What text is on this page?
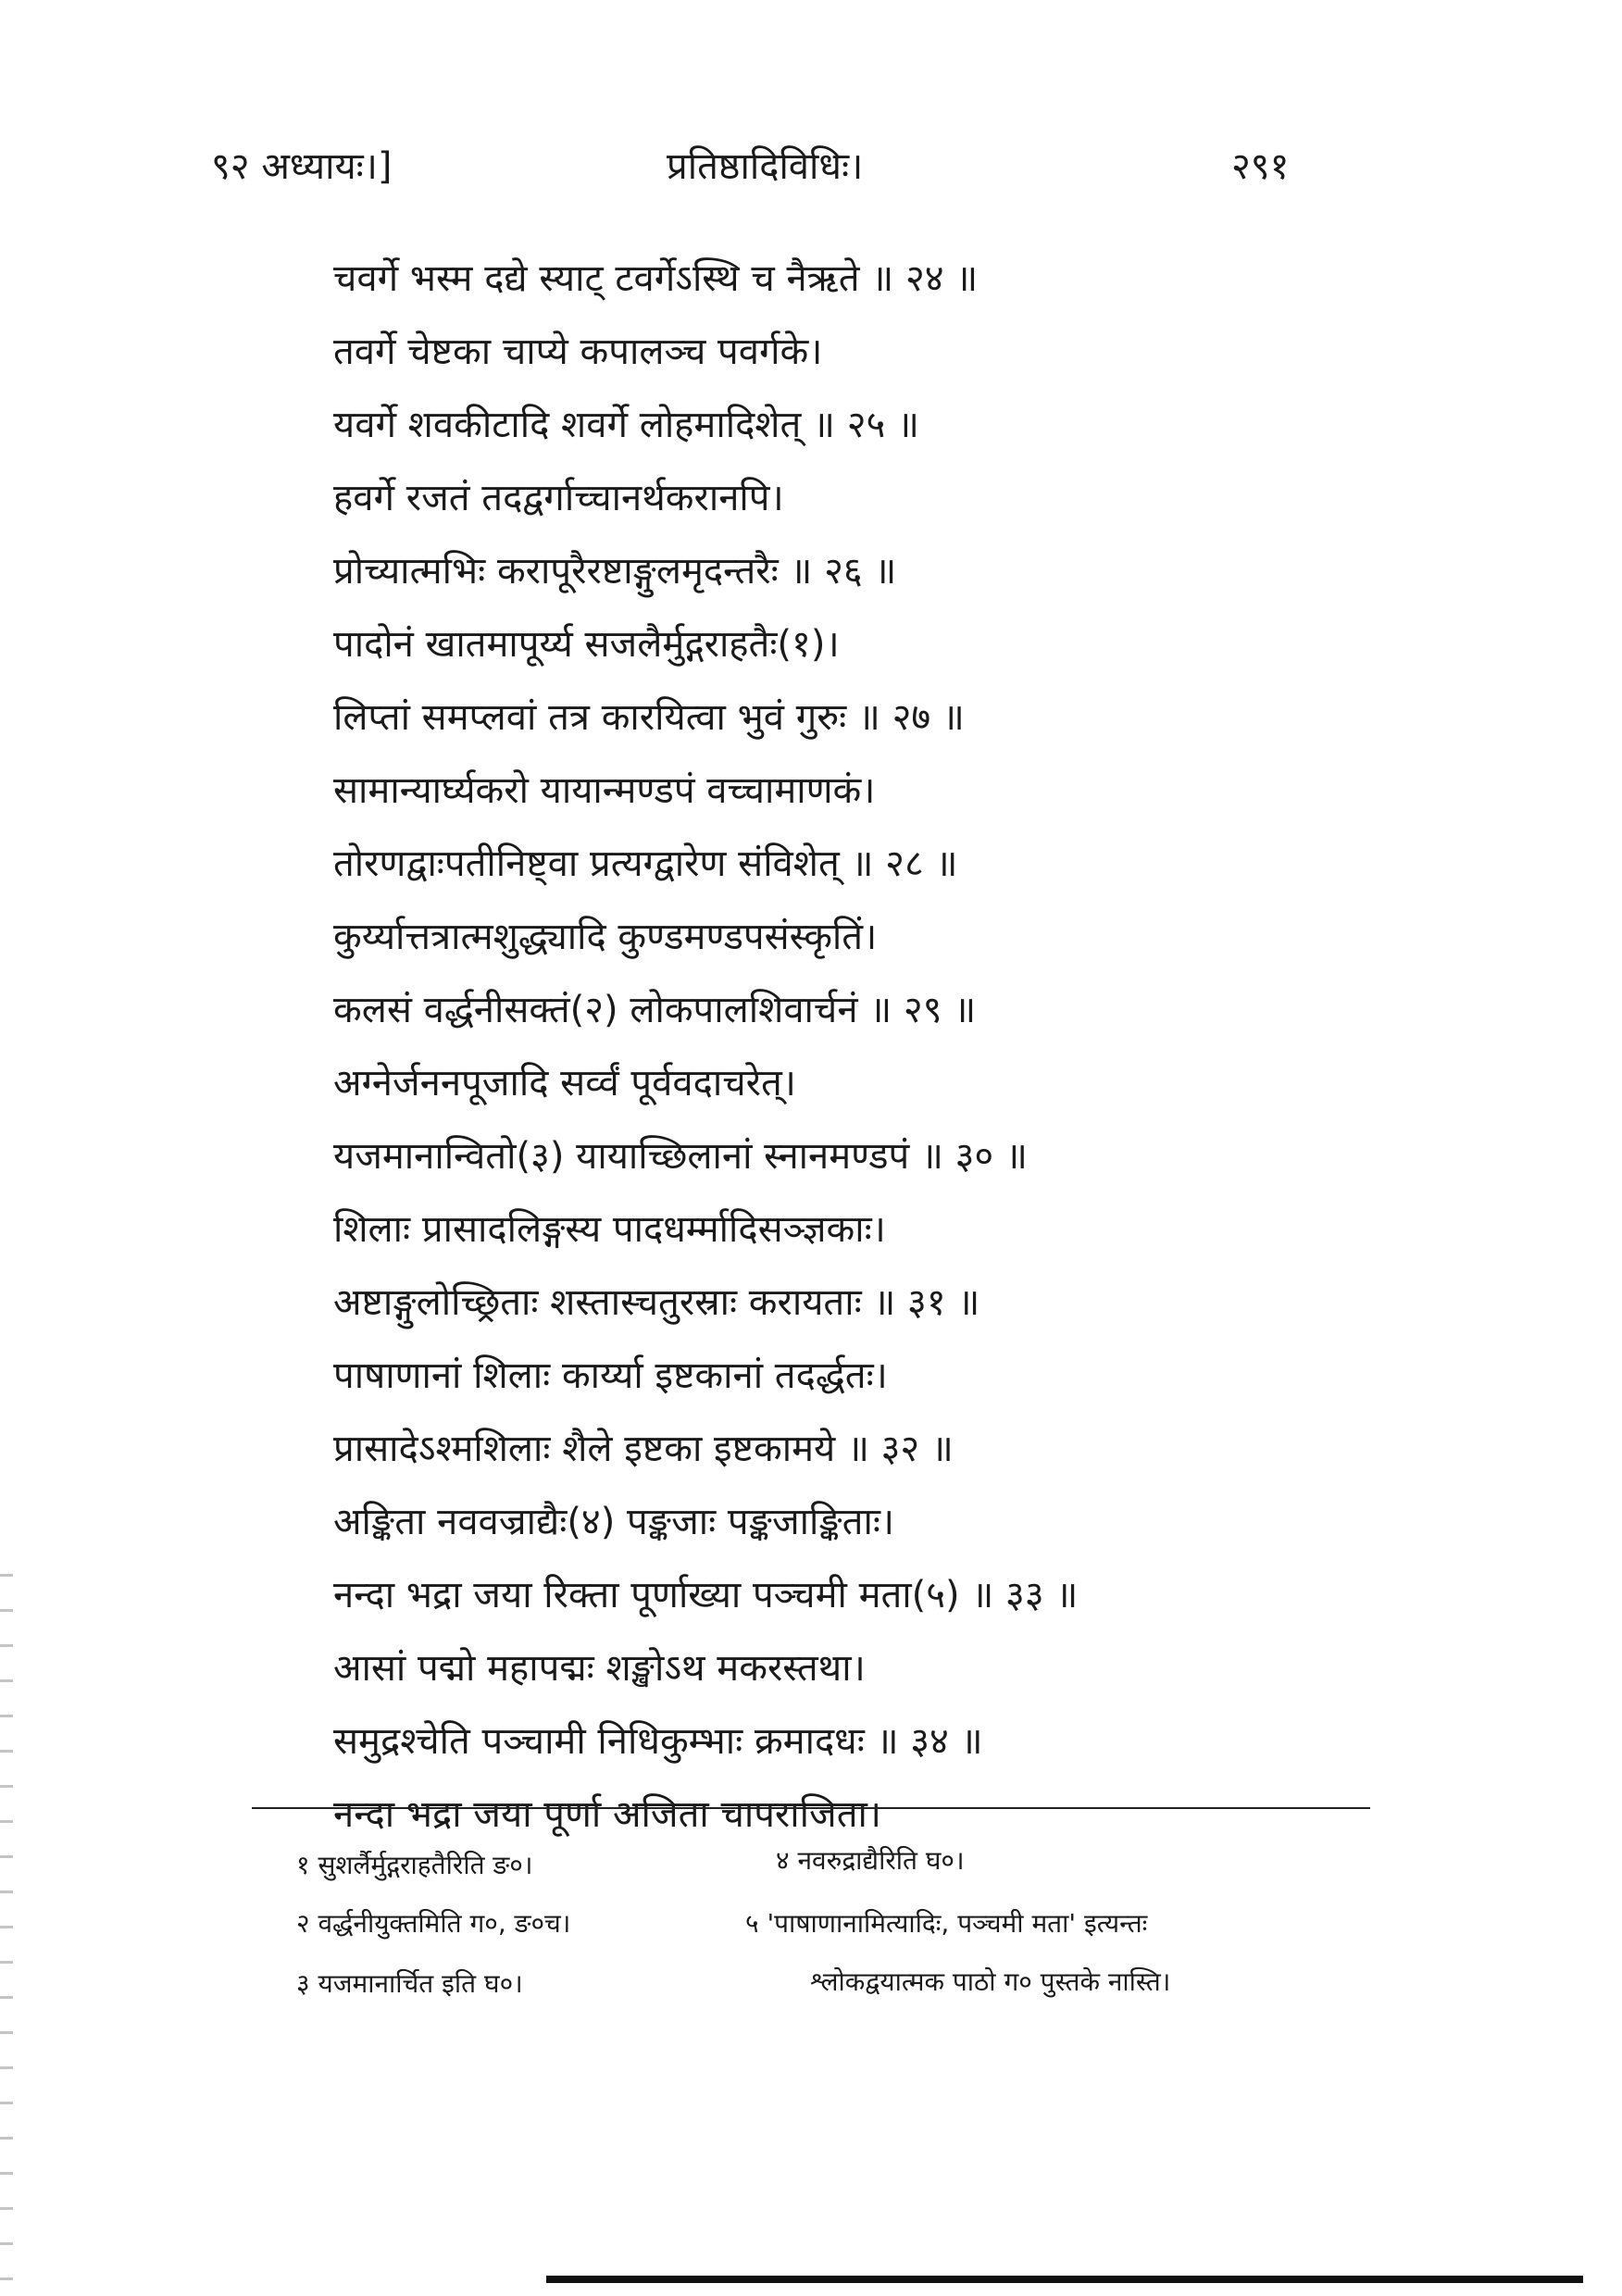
९२ अध्यायः।]	प्रतिष्ठादिविधिः।	२९१
चवर्गे भस्म दद्ये स्याट् टवर्गेऽस्थि च नैऋते ॥ २४ ॥
तवर्गे चेष्टका चाप्ये कपालञ्च पवर्गके।
यवर्गे शवकीटादि शवर्गे लोहमादिशेत् ॥ २५ ॥
हवर्गे रजतं तदद्वर्गाच्चानर्थकरानपि।
प्रोच्यात्मभिः करापूरैरष्टाङ्गुलमृदन्तरैः ॥ २६ ॥
पादोनं खातमापूर्य्य सजलैर्मुद्गराहतैः(१)।
लिप्तां समप्लवां तत्र कारयित्वा भुवं गुरुः ॥ २७ ॥
सामान्यार्घ्यकरो यायान्मण्डपं वच्चामाणकं।
तोरणद्वाःपतीनिष्ट्वा प्रत्यग्द्वारेण संविशेत् ॥ २८ ॥
कुर्य्यात्तत्रात्मशुद्ध्यादि कुण्डमण्डपसंस्कृतिं।
कलसं वर्द्धनीसक्तं(२) लोकपालशिवार्चनं ॥ २९ ॥
अग्नेर्जननपूजादि सर्व्वं पूर्ववदाचरेत्।
यजमानान्वितो(३) यायाच्छिलानां स्नानमण्डपं ॥ ३० ॥
शिलाः प्रासादलिङ्गस्य पादधर्म्मादिसञ्ज्ञकाः।
अष्टाङ्गुलोच्छ्रिताः शस्तास्चतुरस्राः करायताः ॥ ३१ ॥
पाषाणानां शिलाः कार्य्या इष्टकानां तदर्द्धतः।
प्रासादेऽश्मशिलाः शैले इष्टका इष्टकामये ॥ ३२ ॥
अङ्किता नववज्राद्यैः(४) पङ्कजाः पङ्कजाङ्किताः।
नन्दा भद्रा जया रिक्ता पूर्णाख्या पञ्चमी मता(५) ॥ ३३ ॥
आसां पद्मो महापद्मः शङ्खोऽथ मकरस्तथा।
समुद्रश्चेति पञ्चामी निधिकुम्भाः क्रमादधः ॥ ३४ ॥
नन्दा भद्रा जया पूर्णा अजिता चापराजिता।
१ सुशर्लैर्मुद्गराहतैरिति ङ०।
२ वर्द्धनीयुक्तमिति ग०, ङ०च।
३ यजमानार्चित इति घ०।
४ नवरुद्राद्यैरिति घ०।
५ 'पाषाणानामित्यादिः, पञ्चमी मता' इत्यन्तः
श्लोकद्वयात्मक पाठो ग० पुस्तके नास्ति।
